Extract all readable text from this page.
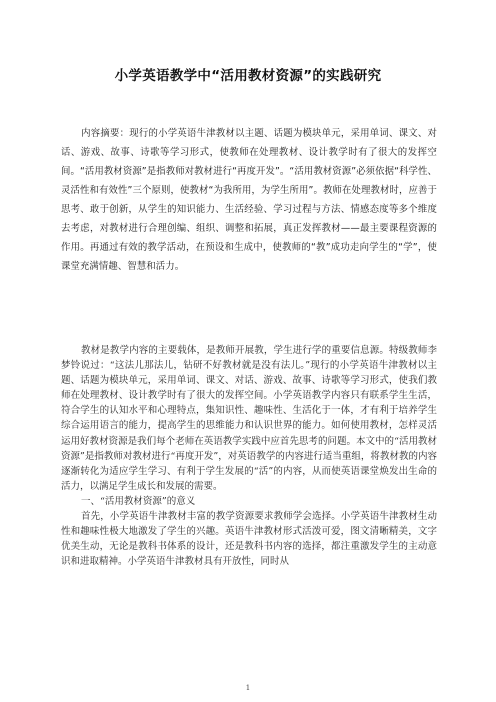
小学英语教学中“活用教材资源”的实践研究
内容摘要：现行的小学英语牛津教材以主题、话题为模块单元，采用单词、课文、对话、游戏、故事、诗歌等学习形式，使教师在处理教材、设计教学时有了很大的发挥空间。“活用教材资源”是指教师对教材进行“再度开发”。“活用教材资源”必须依据“科学性、灵活性和有效性”三个原则，使教材“为我所用，为学生所用”。教师在处理教材时，应善于思考、敢于创新，从学生的知识能力、生活经验、学习过程与方法、情感态度等多个维度去考虑，对教材进行合理创编、组织、调整和拓展，真正发挥教材——最主要课程资源的作用。再通过有效的教学活动，在预设和生成中，使教师的“教”成功走向学生的“学”，使课堂充满情趣、智慧和活力。

教材是教学内容的主要载体，是教师开展教，学生进行学的重要信息源。特级教师李梦铃说过：“这法儿那法儿，钻研不好教材就是没有法儿。”现行的小学英语牛津教材以主题、话题为模块单元，采用单词、课文、对话、游戏、故事、诗歌等学习形式，使我们教师在处理教材、设计教学时有了很大的发挥空间。小学英语教学内容只有联系学生生活，符合学生的认知水平和心理特点，集知识性、趣味性、生活化于一体，才有利于培养学生综合运用语言的能力，提高学生的思维能力和认识世界的能力。如何使用教材，怎样灵活运用好教材资源是我们每个老师在英语教学实践中应首先思考的问题。本文中的“活用教材资源”是指教师对教材进行“再度开发”，对英语教学的内容进行适当重组，将教材教的内容逐渐转化为适应学生学习、有利于学生发展的“活”的内容，从而使英语课堂焕发出生命的活力，以满足学生成长和发展的需要。

一、“活用教材资源”的意义

首先，小学英语牛津教材丰富的教学资源要求教师学会选择。小学英语牛津教材生动性和趣味性极大地激发了学生的兴趣。英语牛津教材形式活泼可爱，图文清晰精美，文字优美生动，无论是教科书体系的设计，还是教科书内容的选择，都注重激发学生的主动意识和进取精神。小学英语牛津教材具有开放性，同时从

1
